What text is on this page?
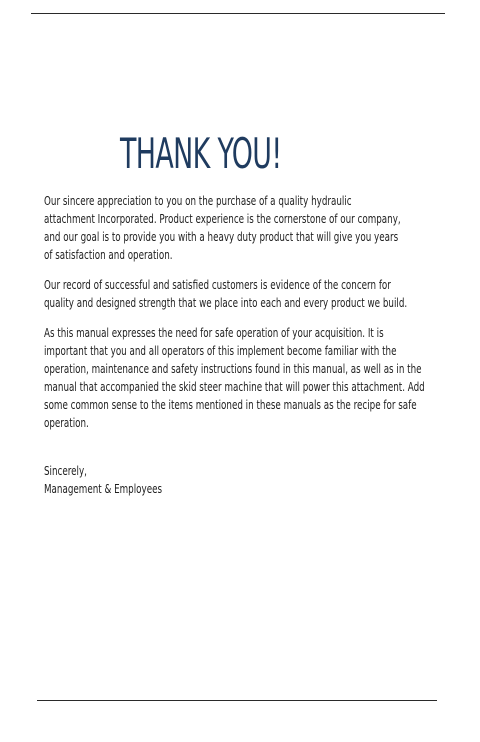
THANK YOU!

Our sincere appreciation to you on the purchase of a quality hydraulic
attachment Incorporated. Product experience is the cornerstone of our company,
and our goal is to provide you with a heavy duty product that will give you years
of satisfaction and operation.

Our record of successful and satisfied customers is evidence of the concern for
quality and designed strength that we place into each and every product we build.

As this manual expresses the need for safe operation of your acquisition. It is
important that you and all operators of this implement become familiar with the
operation, maintenance and safety instructions found in this manual, as well as in the
manual that accompanied the skid steer machine that will power this attachment. Add
some common sense to the items mentioned in these manuals as the recipe for safe
operation.

Sincerely,
Management & Employees
